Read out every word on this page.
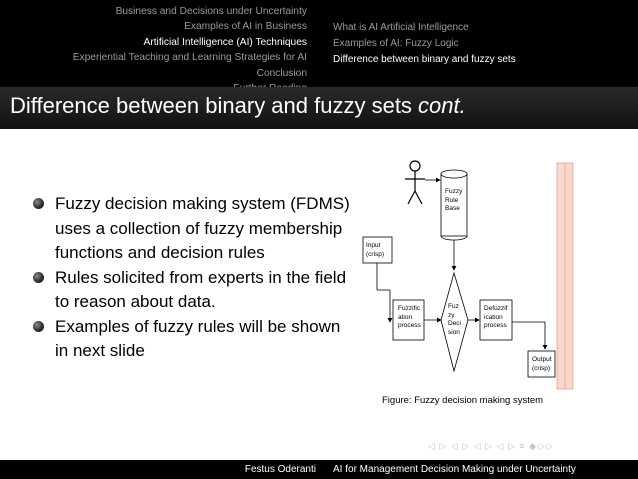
Business and Decisions under Uncertainty
Examples of AI in Business
Artificial Intelligence (AI) Techniques
Experiential Teaching and Learning Strategies for AI
Conclusion
What is AI Artificial Intelligence
Examples of AI: Fuzzy Logic
Difference between binary and fuzzy sets
Difference between binary and fuzzy sets cont.
Fuzzy decision making system (FDMS) uses a collection of fuzzy membership functions and decision rules
Rules solicited from experts in the field to reason about data.
Examples of fuzzy rules will be shown in next slide
Fuzzy
Rule
Base
Input
(crisp)
Fuzzific
ation
process
Fuz
zy
Deci
sion
Defuzzif
ication
process
Output
(crisp)
Figure: Fuzzy decision making system
◁ ▷ ◁ ▷ ◁ ▷ ◁ ▷ ≡ ◆◇◇
Festus Oderanti AI for Management Decision Making under Uncertainty
